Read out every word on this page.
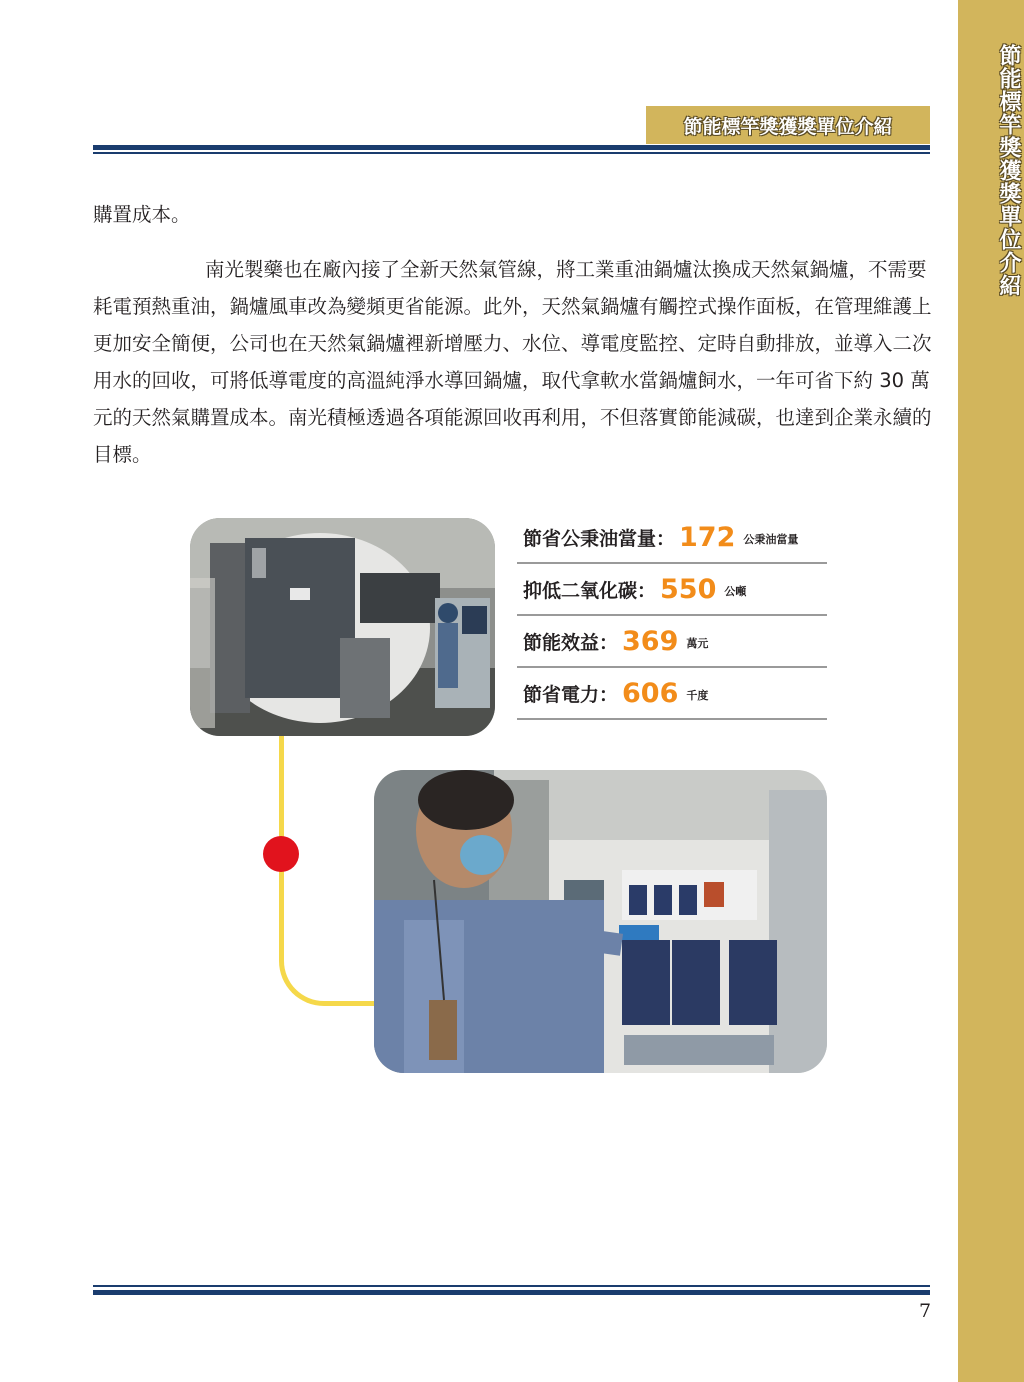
節能標竿獎獲獎單位介紹
節能標竿獎獲獎單位介紹

購置成本。

南光製藥也在廠內接了全新天然氣管線，將工業重油鍋爐汰換成天然氣鍋爐，不需要耗電預熱重油，鍋爐風車改為變頻更省能源。此外，天然氣鍋爐有觸控式操作面板，在管理維護上更加安全簡便，公司也在天然氣鍋爐裡新增壓力、水位、導電度監控、定時自動排放，並導入二次用水的回收，可將低導電度的高溫純淨水導回鍋爐，取代拿軟水當鍋爐飼水，一年可省下約 30 萬元的天然氣購置成本。南光積極透過各項能源回收再利用，不但落實節能減碳，也達到企業永續的目標。

節省公秉油當量： 172 公秉油當量
抑低二氧化碳： 550 公噸
節能效益： 369 萬元
節省電力： 606 千度
7
